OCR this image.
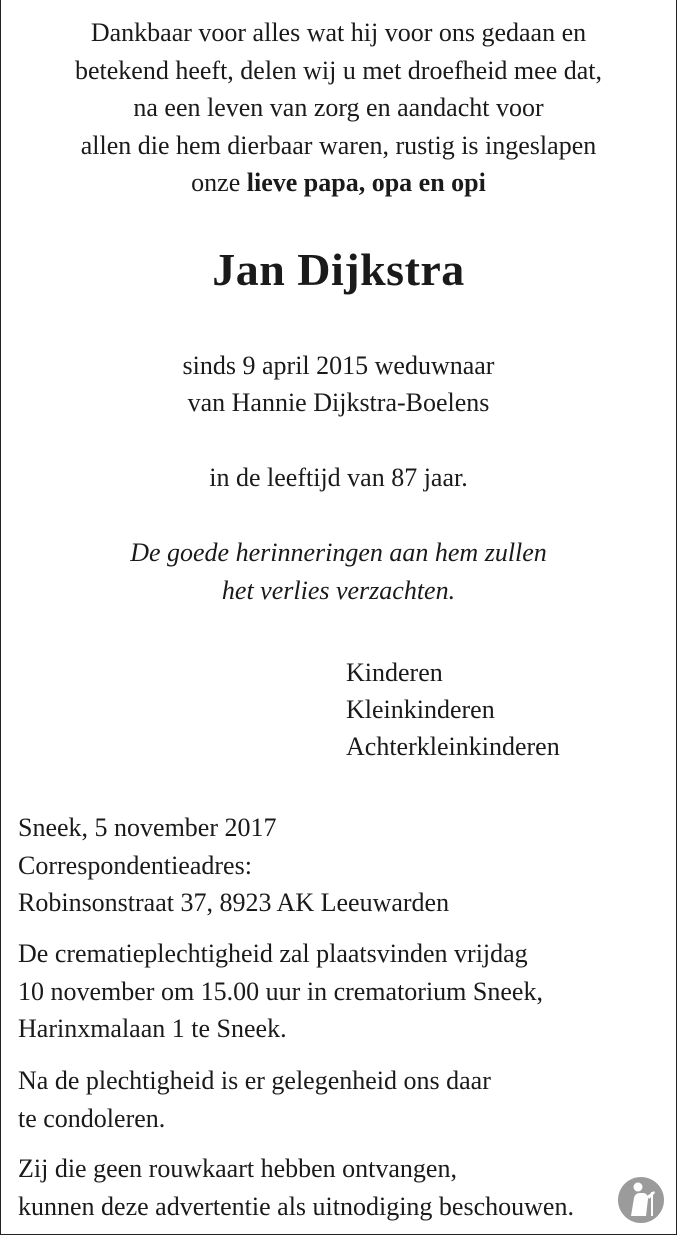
Dankbaar voor alles wat hij voor ons gedaan en
betekend heeft, delen wij u met droefheid mee dat,
na een leven van zorg en aandacht voor
allen die hem dierbaar waren, rustig is ingeslapen
onze lieve papa, opa en opi
Jan Dijkstra
sinds 9 april 2015 weduwnaar
van Hannie Dijkstra-Boelens
in de leeftijd van 87 jaar.
De goede herinneringen aan hem zullen
het verlies verzachten.
Kinderen
Kleinkinderen
Achterkleinkinderen
Sneek, 5 november 2017
Correspondentieadres:
Robinsonstraat 37, 8923 AK Leeuwarden
De crematieplechtigheid zal plaatsvinden vrijdag
10 november om 15.00 uur in crematorium Sneek,
Harinxmalaan 1 te Sneek.
Na de plechtigheid is er gelegenheid ons daar
te condoleren.
Zij die geen rouwkaart hebben ontvangen,
kunnen deze advertentie als uitnodiging beschouwen.
